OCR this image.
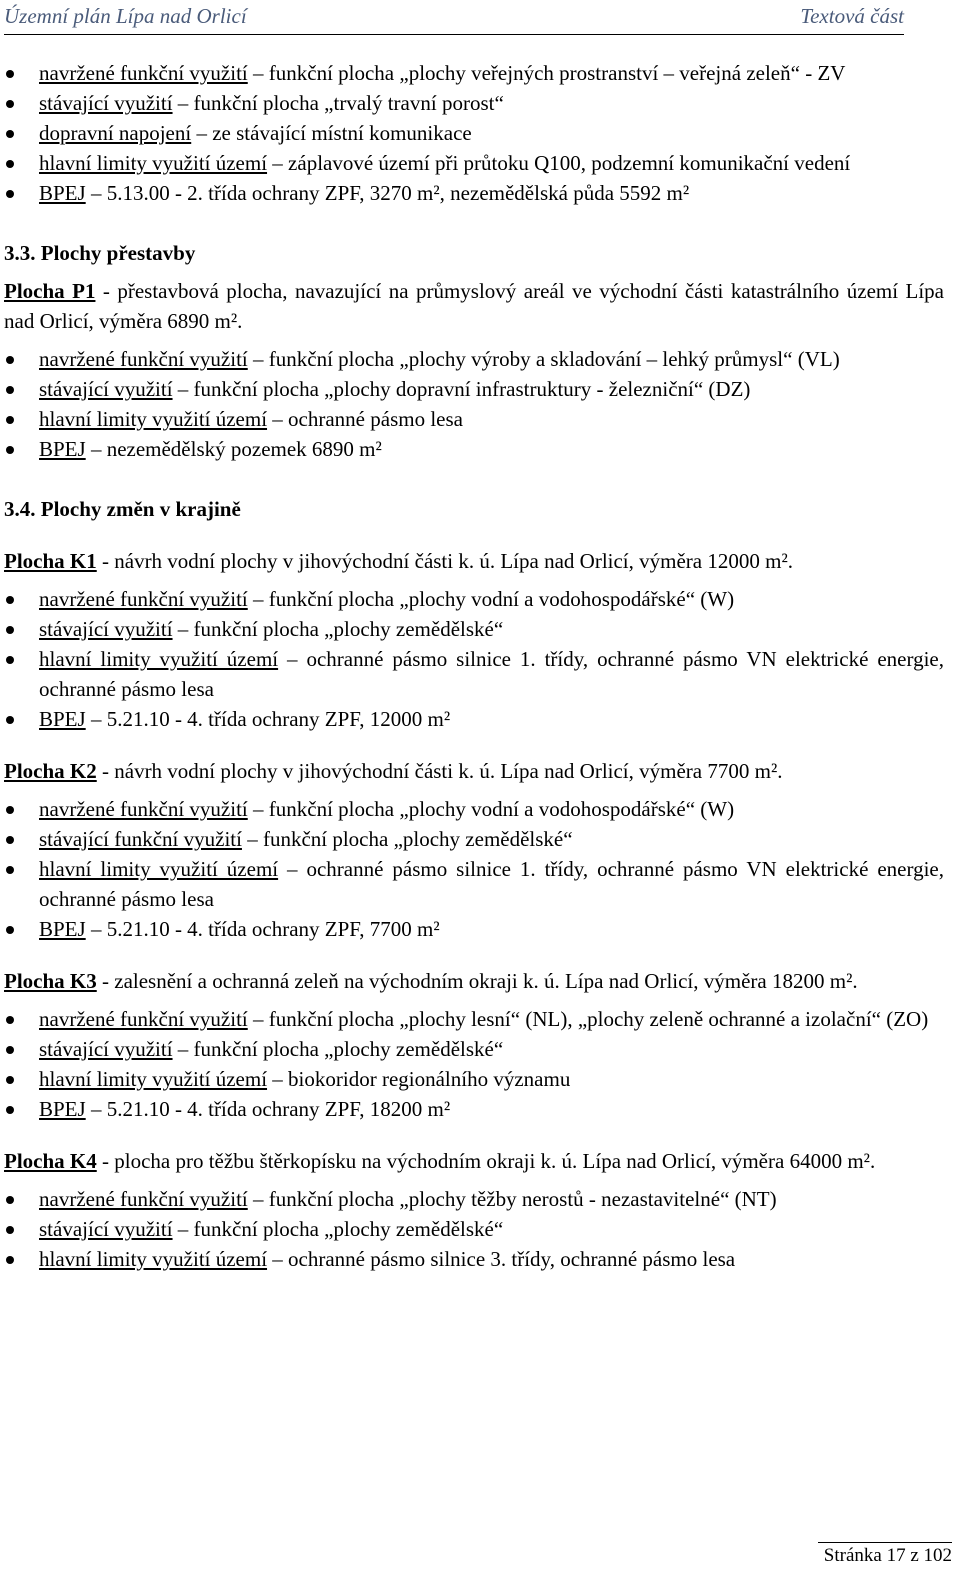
Územní plán Lípa nad Orlicí	Textová část
navržené funkční využití – funkční plocha „plochy veřejných prostranství – veřejná zeleň“ - ZV
stávající využití – funkční plocha „trvalý travní porost“
dopravní napojení – ze stávající místní komunikace
hlavní limity využití území – záplavové území při průtoku Q100, podzemní komunikační vedení
BPEJ – 5.13.00 - 2. třída ochrany ZPF, 3270 m², nezemědělská půda 5592 m²
3.3. Plochy přestavby

Plocha P1 - přestavbová plocha, navazující na průmyslový areál ve východní části katastrálního území Lípa nad Orlicí, výměra 6890 m².

navržené funkční využití – funkční plocha „plochy výroby a skladování – lehký průmysl“ (VL)
stávající využití – funkční plocha „plochy dopravní infrastruktury - železniční“ (DZ)
hlavní limity využití území – ochranné pásmo lesa
BPEJ – nezemědělský pozemek 6890 m²
3.4. Plochy změn v krajině

Plocha K1 - návrh vodní plochy v jihovýchodní části k. ú. Lípa nad Orlicí, výměra 12000 m².

navržené funkční využití – funkční plocha „plochy vodní a vodohospodářské“ (W)
stávající využití – funkční plocha „plochy zemědělské“
hlavní limity využití území – ochranné pásmo silnice 1. třídy, ochranné pásmo VN elektrické energie, ochranné pásmo lesa
BPEJ – 5.21.10 - 4. třída ochrany ZPF, 12000 m²

Plocha K2 - návrh vodní plochy v jihovýchodní části k. ú. Lípa nad Orlicí, výměra 7700 m².

navržené funkční využití – funkční plocha „plochy vodní a vodohospodářské“ (W)
stávající funkční využití – funkční plocha „plochy zemědělské“
hlavní limity využití území – ochranné pásmo silnice 1. třídy, ochranné pásmo VN elektrické energie, ochranné pásmo lesa
BPEJ – 5.21.10 - 4. třída ochrany ZPF, 7700 m²

Plocha K3 - zalesnění a ochranná zeleň na východním okraji k. ú. Lípa nad Orlicí, výměra 18200 m².

navržené funkční využití – funkční plocha „plochy lesní“ (NL), „plochy zeleně ochranné a izolační“ (ZO)
stávající využití – funkční plocha „plochy zemědělské“
hlavní limity využití území – biokoridor regionálního významu
BPEJ – 5.21.10 - 4. třída ochrany ZPF, 18200 m²

Plocha K4 - plocha pro těžbu štěrkopísku na východním okraji k. ú. Lípa nad Orlicí, výměra 64000 m².

navržené funkční využití – funkční plocha „plochy těžby nerostů - nezastavitelné“ (NT)
stávající využití – funkční plocha „plochy zemědělské“
hlavní limity využití území – ochranné pásmo silnice 3. třídy, ochranné pásmo lesa
Stránka 17 z 102
